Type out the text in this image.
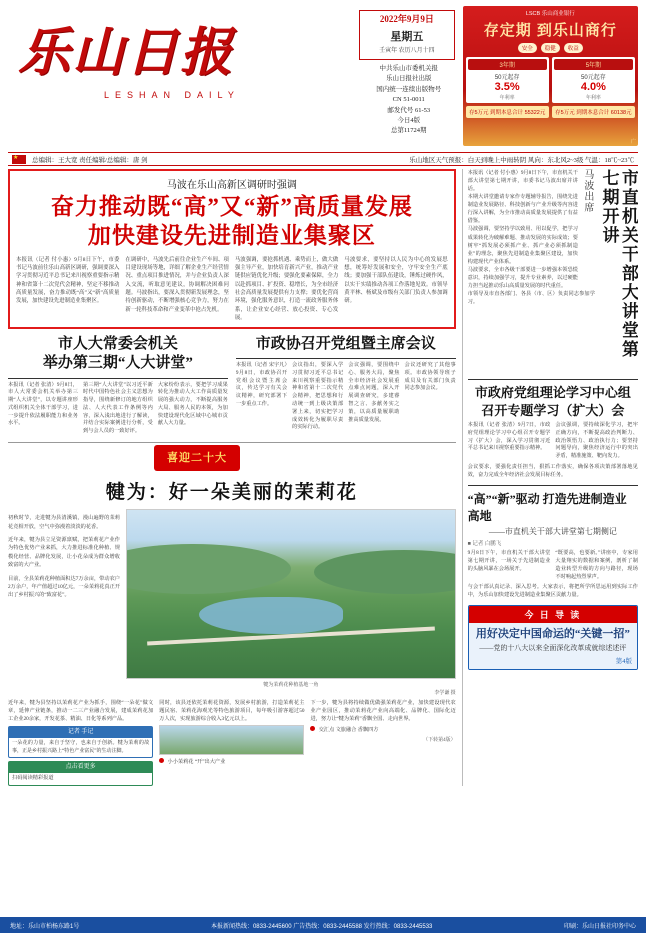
乐山日报
LESHAN DAILY
2022年9月9日
星期五
壬寅年 农历八月十四
中共乐山市委机关报
乐山日报社出版
国内统一连续出版物号
CN 51-0011
邮发代号 61-53
今日4版
总第11724期
LSCB 乐山商业银行
存定期 到乐山商行
安全	稳健	收益
3年期
50元起存
3.5%
年利率
5年期
50元起存
4.0%
年利率
存5万元 到期本息合计 55322元	存5万元 到期本息合计 60138元
广
★
总编辑：王大宽 责任编辑/总编辑：唐 剑	乐山地区天气预报：白天到晚上中雨转阴 风向：东北风2~3级 气温：18℃~23℃
马波在乐山高新区调研时强调
奋力推动既“高”又“新”高质量发展
加快建设先进制造业集聚区
本报讯（记者 付小惠）9月8日下午，市委书记马波前往乐山高新区调研，强调要深入学习贯彻习近平总书记来川视察重要指示精神和省第十二次党代会精神，坚定不移推动高质量发展，奋力推动既“高”又“新”高质量发展，加快建设先进制造业集聚区。
在调研中，马波先后前往企业生产车间、项目建设现场等地，详细了解企业生产经营情况、重点项目推进情况，并与企业负责人深入交流，听取意见建议，协调解决困难问题。马波指出，要深入贯彻新发展理念，坚持创新驱动，不断增强核心竞争力，努力在新一轮科技革命和产业变革中抢占先机。
马波强调，要抢抓机遇、乘势而上，做大做强主导产业，加快培育新兴产业，推动产业链供应链优化升级；要强化要素保障，全力以赴抓项目、扩投资、稳增长，为全市经济社会高质量发展提供有力支撑；要优化营商环境，强化服务意识，打造一流政务服务体系，让企业安心经营、放心投资、专心发展。
马波要求，要坚持以人民为中心的发展思想，统筹好发展和安全，守牢安全生产底线；要加强干部队伍建设，锤炼过硬作风，以实干实绩推动各项工作落地见效。市领导黄平林、杨斌及市级有关部门负责人参加调研。
市人大常委会机关
举办第三期“人大讲堂”
本报讯（记者 张清）9月8日，市人大常委会机关举办第三期“人大讲堂”，以专题讲座形式组织机关全体干部学习，进一步提升依法履职能力和业务水平。
第三期“人大讲堂”以习近平新时代中国特色社会主义思想为指导，围绕新修订的地方组织法、人大代表工作条例等内容，深入浅出地进行了解读，并结合实际案例进行分析，受到与会人员的一致好评。
大家纷纷表示，要把学习成果转化为推动人大工作高质量发展的强大动力，不断提高服务大局、服务人民的本领，为加快建设现代化区域中心城市贡献人大力量。
市政协召开党组暨主席会议
本报讯（记者 宋宇凡）9月8日，市政协召开党组会议暨主席会议，传达学习有关会议精神，研究部署下一步重点工作。
会议指出，要深入学习贯彻习近平总书记来川视察重要指示精神和省第十二次党代会精神，把思想和行动统一到上级决策部署上来，切实把学习成效转化为履职尽责的实际行动。
会议强调，要围绕中心、服务大局，聚焦全市经济社会发展重点难点问题，深入开展调查研究，多建睿智之言、多献务实之策，以高质量履职助推高质量发展。
会议还研究了其他事项。市政协领导班子成员及有关部门负责同志参加会议。
喜迎二十大
犍为：好一朵美丽的茉莉花

初秋时节，走进犍为县清溪镇，漫山遍野的茉莉花竞相开放，空气中弥漫着淡淡的花香。

近年来，犍为县立足资源禀赋，把茉莉花产业作为特色优势产业来抓，大力推进标准化种植、规模化经营、品牌化发展，让小花朵成为群众增收致富的大产业。

目前，全县茉莉花种植面积达7万余亩，带动农户2万余户，年产值超过10亿元，一朵茉莉花真正开出了乡村振兴的“致富花”。

犍为茉莉花种植基地一角
李学谦 摄
近年来，犍为县坚持以茉莉花产业为抓手，围绕“一朵花”做文章，延伸产业链条，推动一二三产业融合发展，建成茉莉花加工企业20余家，开发花茶、精油、日化等系列产品。
记者 手记
一朵花的力量，来自于坚守，也来自于创新。犍为茉莉的故事，正是乡村振兴路上“特色产业富民”的生动注脚。
点击看更多
扫码阅读精彩报道
同时，该县还依托茉莉花资源，发展乡村旅游，打造茉莉花主题民宿、茉莉花海观光等特色旅游项目，每年吸引游客超过50万人次，实现旅游综合收入3亿元以上。
小小茉莉花 “开”出大产业
下一步，犍为县将持续做优做强茉莉花产业，加快建设现代农业产业园区，推动茉莉花产业向高端化、品牌化、国际化迈进，努力让“犍为茉莉”香飘全国、走向世界。
交汇点 文旅融合 香飘四方
（下转第4版）
市直机关干部大讲堂第七期开讲
马波出席
本报讯（记者 付小惠）9月8日下午，市直机关干部大讲堂第七期开讲，市委书记马波出席并讲话。
本期大讲堂邀请专家作专题辅导报告，围绕先进制造业发展路径、科技创新与产业升级等内容进行深入讲解，为全市推动高质量发展提供了有益借鉴。
马波强调，要坚持学以致用、用以促学，把学习成果转化为破解难题、推动发展的实际成效；要树牢“抓发展必须抓产业、抓产业必须抓制造业”的理念，聚焦先进制造业集聚区建设，加快构建现代产业体系。
马波要求，全市各级干部要进一步增强本领恐慌意识，持续加强学习，提升专业素养，以过硬能力担当起推动乐山高质量发展的时代重任。
市领导及市直各部门、各县（市、区）负责同志参加学习。
市政府党组理论学习中心组
召开专题学习（扩大）会
本报讯（记者 张清）9月7日，市政府党组理论学习中心组召开专题学习（扩大）会，深入学习贯彻习近平总书记来川视察重要指示精神。
会议强调，要持续深化学习，把牢正确方向，不断提高政治判断力、政治领悟力、政治执行力；要坚持问题导向，聚焦经济运行中的突出矛盾，精准施策、靶向发力。
会议要求，要强化责任担当，狠抓工作落实，确保各项决策部署落地见效，奋力完成全年经济社会发展目标任务。
“高”“新”驱动 打造先进制造业高地
——市直机关干部大讲堂第七期侧记
■ 记者 白鹏飞
9月8日下午，市直机关干部大讲堂第七期开讲，一场关于先进制造业的头脑风暴在会场展开。
“既要高，也要新。”讲座中，专家用大量翔实的数据和案例，剖析了制造业转型升级的方向与路径，现场不时响起热烈掌声。
与会干部认真记录、深入思考。大家表示，将把所学所思运用到实际工作中，为乐山加快建设先进制造业集聚区贡献力量。
今 日 导 读
用好决定中国命运的“关键一招”
——党的十八大以来全面深化改革成就综述述评
第4版
地址：乐山市柏杨东路1号	本报新闻热线：0833-2445600 广告热线：0833-2445588 发行热线：0833-2445533	印刷：乐山日报社印务中心
